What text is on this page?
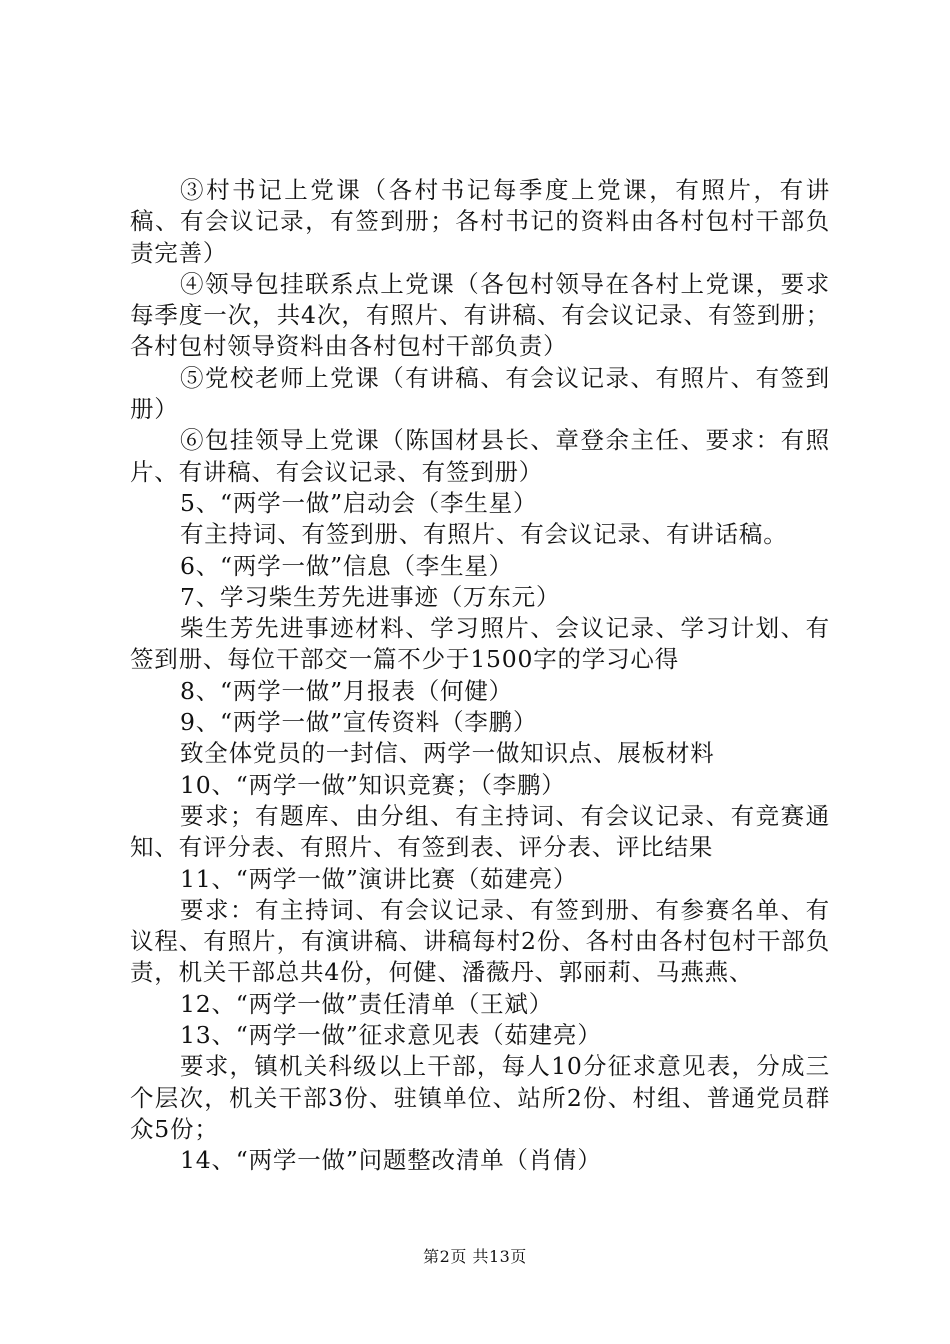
③村书记上党课（各村书记每季度上党课，有照片，有讲稿、有会议记录，有签到册；各村书记的资料由各村包村干部负责完善）

④领导包挂联系点上党课（各包村领导在各村上党课，要求每季度一次，共4次，有照片、有讲稿、有会议记录、有签到册；各村包村领导资料由各村包村干部负责）

⑤党校老师上党课（有讲稿、有会议记录、有照片、有签到册）

⑥包挂领导上党课（陈国材县长、章登余主任、要求：有照片、有讲稿、有会议记录、有签到册）

5、“两学一做”启动会（李生星）

有主持词、有签到册、有照片、有会议记录、有讲话稿。

6、“两学一做”信息（李生星）

7、学习柴生芳先进事迹（万东元）

柴生芳先进事迹材料、学习照片、会议记录、学习计划、有签到册、每位干部交一篇不少于1500字的学习心得

8、“两学一做”月报表（何健）

9、“两学一做”宣传资料（李鹏）

致全体党员的一封信、两学一做知识点、展板材料

10、“两学一做”知识竞赛；（李鹏）

要求；有题库、由分组、有主持词、有会议记录、有竞赛通知、有评分表、有照片、有签到表、评分表、评比结果

11、“两学一做”演讲比赛（茹建亮）

要求：有主持词、有会议记录、有签到册、有参赛名单、有议程、有照片，有演讲稿、讲稿每村2份、各村由各村包村干部负责，机关干部总共4份，何健、潘薇丹、郭丽莉、马燕燕、

12、“两学一做”责任清单（王斌）

13、“两学一做”征求意见表（茹建亮）

要求，镇机关科级以上干部，每人10分征求意见表，分成三个层次，机关干部3份、驻镇单位、站所2份、村组、普通党员群众5份；

14、“两学一做”问题整改清单（肖倩）

第2页 共13页
